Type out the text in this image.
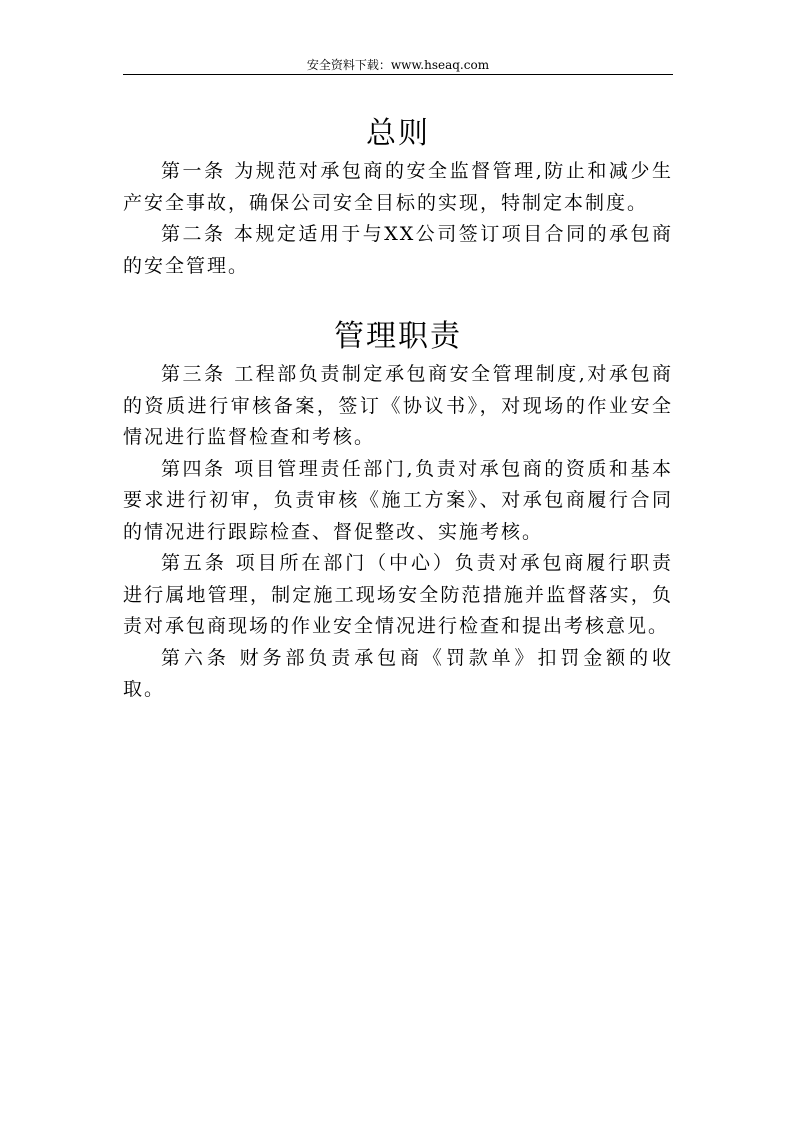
安全资料下载：www.hseaq.com
总则

第一条 为规范对承包商的安全监督管理,防止和减少生产安全事故，确保公司安全目标的实现，特制定本制度。

第二条 本规定适用于与XX公司签订项目合同的承包商的安全管理。

管理职责

第三条 工程部负责制定承包商安全管理制度,对承包商的资质进行审核备案，签订《协议书》，对现场的作业安全情况进行监督检查和考核。

第四条 项目管理责任部门,负责对承包商的资质和基本要求进行初审，负责审核《施工方案》、对承包商履行合同的情况进行跟踪检查、督促整改、实施考核。

第五条 项目所在部门（中心）负责对承包商履行职责进行属地管理，制定施工现场安全防范措施并监督落实，负责对承包商现场的作业安全情况进行检查和提出考核意见。

第六条 财务部负责承包商《罚款单》扣罚金额的收取。
